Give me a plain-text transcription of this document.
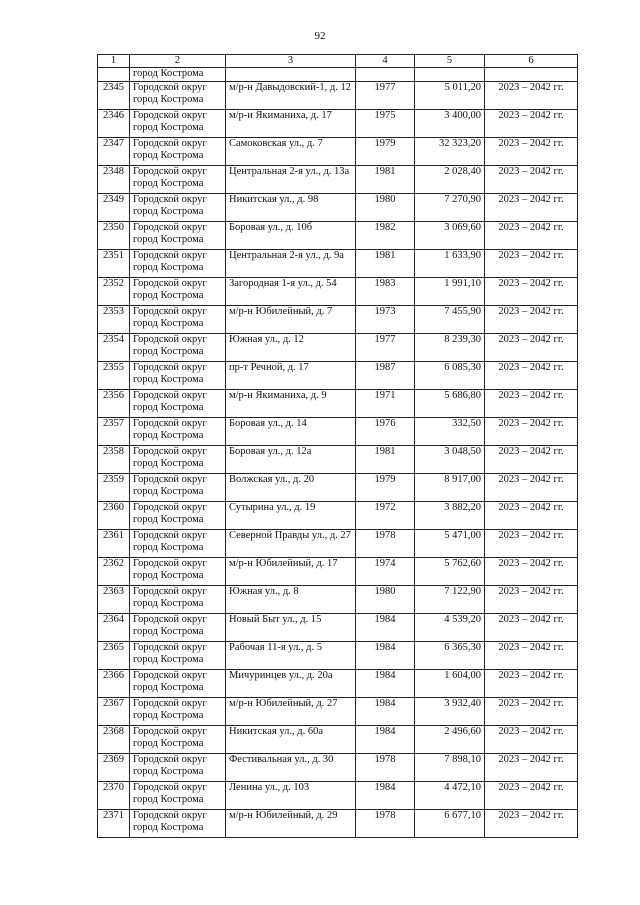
92
1	2	3	4	5	6
	город Кострома				
2345	Городской округ город Кострома	м/р-н Давыдовский-1, д. 12	1977	5 011,20	2023 – 2042 гг.
2346	Городской округ город Кострома	м/р-и Якиманиха, д. 17	1975	3 400,00	2023 – 2042 гг.
2347	Городской округ город Кострома	Самоковская ул., д. 7	1979	32 323,20	2023 – 2042 гг.
2348	Городской округ город Кострома	Центральная 2-я ул., д. 13а	1981	2 028,40	2023 – 2042 гг.
2349	Городской округ город Кострома	Никитская ул., д. 98	1980	7 270,90	2023 – 2042 гг.
2350	Городской округ город Кострома	Боровая ул., д. 10б	1982	3 069,60	2023 – 2042 гг.
2351	Городской округ город Кострома	Центральная 2-я ул., д. 9а	1981	1 633,90	2023 – 2042 гг.
2352	Городской округ город Кострома	Загородная 1-я ул., д. 54	1983	1 991,10	2023 – 2042 гг.
2353	Городской округ город Кострома	м/р-н Юбилейный, д. 7	1973	7 455,90	2023 – 2042 гг.
2354	Городской округ город Кострома	Южная ул., д. 12	1977	8 239,30	2023 – 2042 гг.
2355	Городской округ город Кострома	пр-т Речной, д. 17	1987	6 085,30	2023 – 2042 гг.
2356	Городской округ город Кострома	м/р-н Якиманиха, д. 9	1971	5 686,80	2023 – 2042 гг.
2357	Городской округ город Кострома	Боровая ул., д. 14	1976	332,50	2023 – 2042 гг.
2358	Городской округ город Кострома	Боровая ул., д. 12а	1981	3 048,50	2023 – 2042 гг.
2359	Городской округ город Кострома	Волжская ул., д. 20	1979	8 917,00	2023 – 2042 гг.
2360	Городской округ город Кострома	Сутырина ул., д. 19	1972	3 882,20	2023 – 2042 гг.
2361	Городской округ город Кострома	Северной Правды ул., д. 27	1978	5 471,00	2023 – 2042 гг.
2362	Городской округ город Кострома	м/р-н Юбилейный, д. 17	1974	5 762,60	2023 – 2042 гг.
2363	Городской округ город Кострома	Южная ул., д. 8	1980	7 122,90	2023 – 2042 гг.
2364	Городской округ город Кострома	Новый Быт ул., д. 15	1984	4 539,20	2023 – 2042 гг.
2365	Городской округ город Кострома	Рабочая 11-я ул., д. 5	1984	6 365,30	2023 – 2042 гг.
2366	Городской округ город Кострома	Мичуринцев ул., д. 20а	1984	1 604,00	2023 – 2042 гг.
2367	Городской округ город Кострома	м/р-н Юбилейный, д. 27	1984	3 932,40	2023 – 2042 гг.
2368	Городской округ город Кострома	Никитская ул., д. 60а	1984	2 496,60	2023 – 2042 гг.
2369	Городской округ город Кострома	Фестивальная ул., д. 30	1978	7 898,10	2023 – 2042 гг.
2370	Городской округ город Кострома	Ленина ул., д. 103	1984	4 472,10	2023 – 2042 гг.
2371	Городской округ город Кострома	м/р-н Юбилейный, д. 29	1978	6 677,10	2023 – 2042 гг.
